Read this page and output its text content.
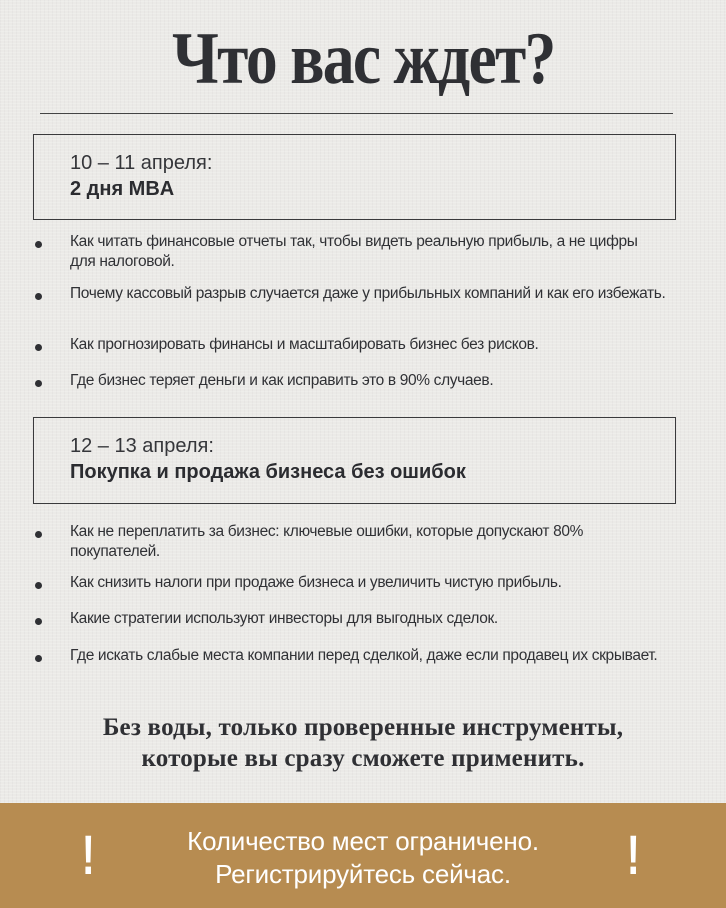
Что вас ждет?
10 – 11 апреля:
2 дня MBA
Как читать финансовые отчеты так, чтобы видеть реальную прибыль, а не цифры для налоговой.
Почему кассовый разрыв случается даже у прибыльных компаний и как его избежать.
Как прогнозировать финансы и масштабировать бизнес без рисков.
Где бизнес теряет деньги и как исправить это в 90% случаев.
12 – 13 апреля:
Покупка и продажа бизнеса без ошибок
Как не переплатить за бизнес: ключевые ошибки, которые допускают 80% покупателей.
Как снизить налоги при продаже бизнеса и увеличить чистую прибыль.
Какие стратегии используют инвесторы для выгодных сделок.
Где искать слабые места компании перед сделкой, даже если продавец их скрывает.
Без воды, только проверенные инструменты,
которые вы сразу сможете применить.
!	Количество мест ограничено.
Регистрируйтесь сейчас.	!
